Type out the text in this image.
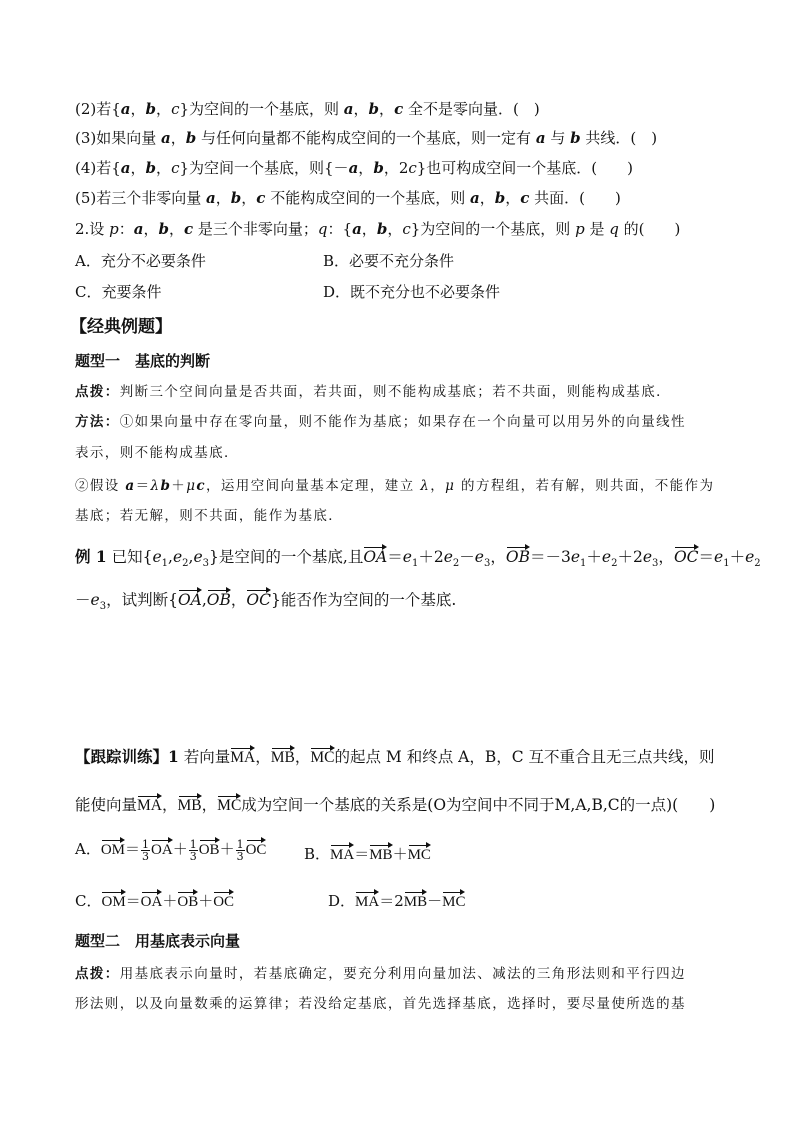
(2)若{a，b，c}为空间的一个基底，则 a，b，c 全不是零向量．(　)
(3)如果向量 a，b 与任何向量都不能构成空间的一个基底，则一定有 a 与 b 共线．(　)
(4)若{a，b，c}为空间一个基底，则{－a，b，2c}也可构成空间一个基底．(　　)
(5)若三个非零向量 a，b，c 不能构成空间的一个基底，则 a，b，c 共面．(　　)
2.设 p：a，b，c 是三个非零向量；q：{a，b，c}为空间的一个基底，则 p 是 q 的(　　)
A．充分不必要条件	B．必要不充分条件
C．充要条件	D．既不充分也不必要条件
【经典例题】
题型一　基底的判断
点拨：判断三个空间向量是否共面，若共面，则不能构成基底；若不共面，则能构成基底．
方法：①如果向量中存在零向量，则不能作为基底；如果存在一个向量可以用另外的向量线性
表示，则不能构成基底．
②假设 a＝λb＋μc，运用空间向量基本定理，建立 λ，μ 的方程组，若有解，则共面，不能作为
基底；若无解，则不共面，能作为基底．
例 1 已知$\{e_1,e_2,e_3\}$是空间的一个基底,且$OA=e_1+2e_2-e_3$，$OB=-3e_1+e_2+2e_3$，$OC=e_1+e_2$
$-e_3$，试判断{OA,OB，OC}能否作为空间的一个基底.
【跟踪训练】1 若向量MA，MB，MC的起点 M 和终点 A，B，C 互不重合且无三点共线，则
能使向量MA，MB，MC成为空间一个基底的关系是(O为空间中不同于M,A,B,C的一点)(　　)
A．$OM= \frac{1}{3} OA+ \frac{1}{3} OB+ \frac{1}{3}$ OC	B．MA＝MB＋MC
C．OM＝OA＋OB＋OC	D．MA＝2MB－MC
题型二　用基底表示向量
点拨：用基底表示向量时，若基底确定，要充分利用向量加法、减法的三角形法则和平行四边
形法则，以及向量数乘的运算律；若没给定基底，首先选择基底，选择时，要尽量使所选的基
